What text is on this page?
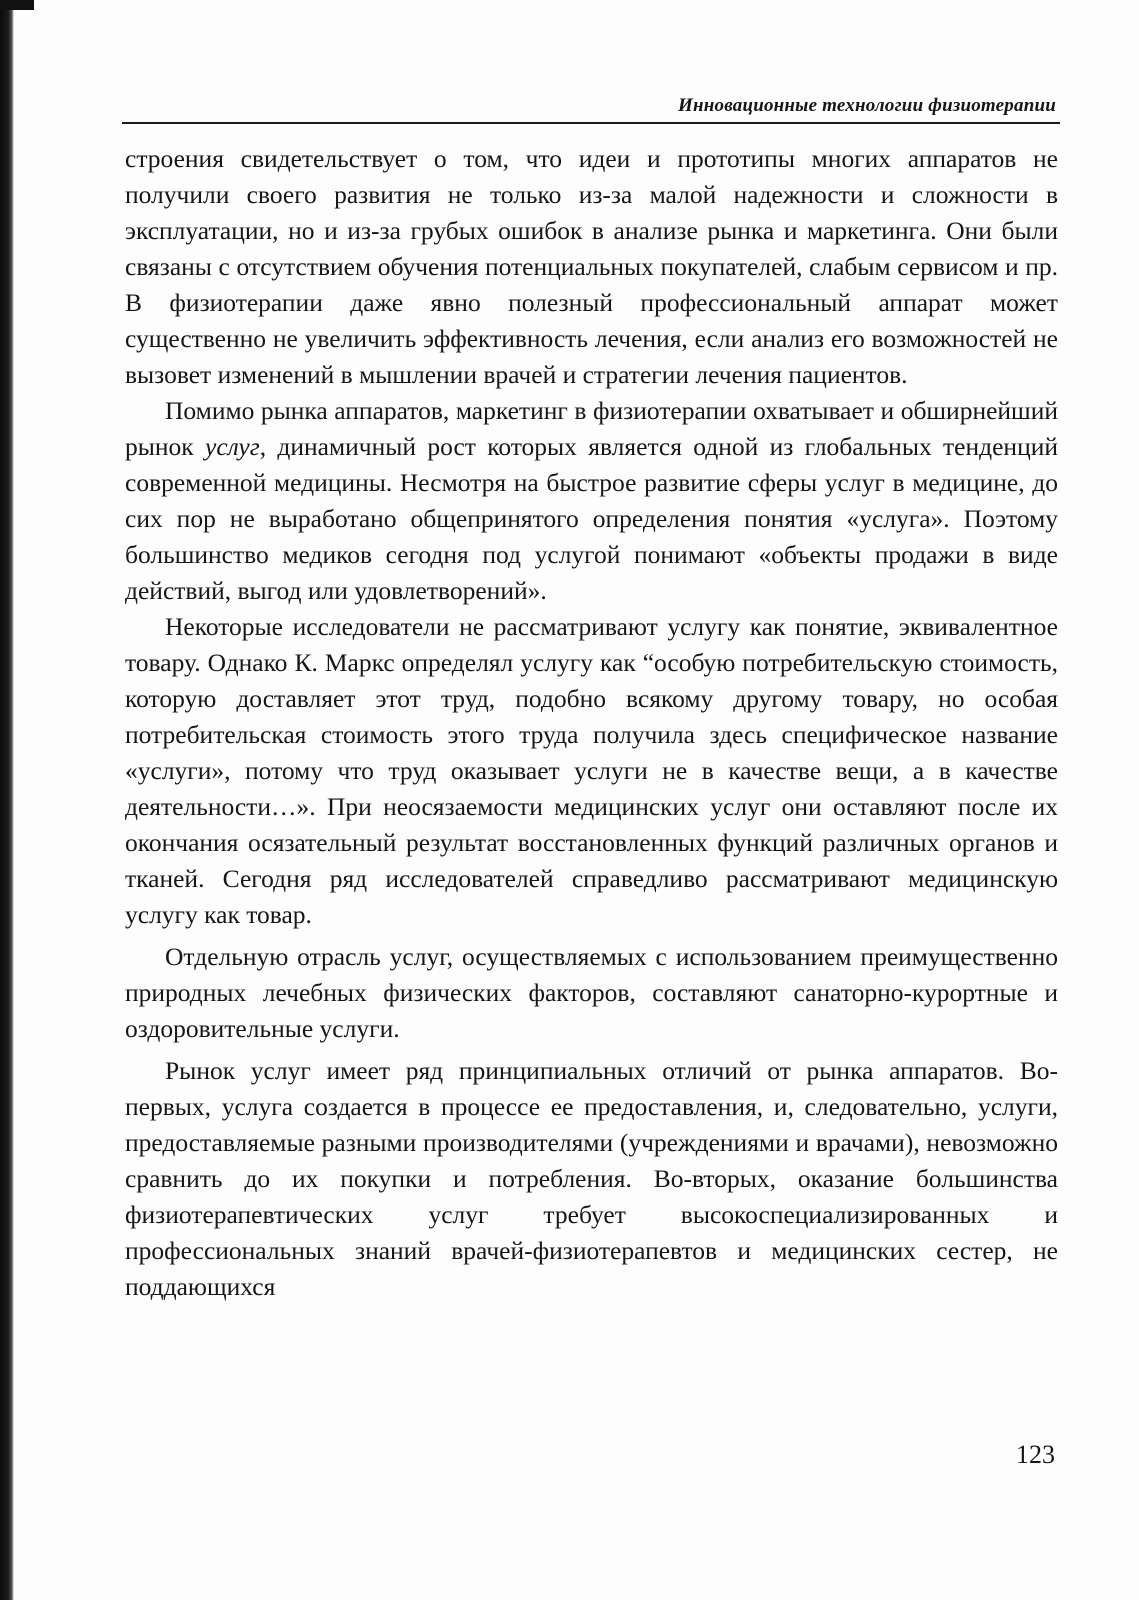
Инновационные технологии физиотерапии

строения свидетельствует о том, что идеи и прототипы многих аппаратов не получили своего развития не только из-за малой надежности и сложности в эксплуатации, но и из-за грубых ошибок в анализе рынка и маркетинга. Они были связаны с отсутствием обучения потенциальных покупателей, слабым сервисом и пр. В физиотерапии даже явно полезный профессиональный аппарат может существенно не увеличить эффективность лечения, если анализ его возможностей не вызовет изменений в мышлении врачей и стратегии лечения пациентов.

Помимо рынка аппаратов, маркетинг в физиотерапии охватывает и обширнейший рынок услуг, динамичный рост которых является одной из глобальных тенденций современной медицины. Несмотря на быстрое развитие сферы услуг в медицине, до сих пор не выработано общепринятого определения понятия «услуга». Поэтому большинство медиков сегодня под услугой понимают «объекты продажи в виде действий, выгод или удовлетворений».

Некоторые исследователи не рассматривают услугу как понятие, эквивалентное товару. Однако К. Маркс определял услугу как “особую потребительскую стоимость, которую доставляет этот труд, подобно всякому другому товару, но особая потребительская стоимость этого труда получила здесь специфическое название «услуги», потому что труд оказывает услуги не в качестве вещи, а в качестве деятельности…». При неосязаемости медицинских услуг они оставляют после их окончания осязательный результат восстановленных функций различных органов и тканей. Сегодня ряд исследователей справедливо рассматривают медицинскую услугу как товар.

Отдельную отрасль услуг, осуществляемых с использованием преимущественно природных лечебных физических факторов, составляют санаторно-курортные и оздоровительные услуги.

Рынок услуг имеет ряд принципиальных отличий от рынка аппаратов. Во-первых, услуга создается в процессе ее предоставления, и, следовательно, услуги, предоставляемые разными производителями (учреждениями и врачами), невозможно сравнить до их покупки и потребления. Во-вторых, оказание большинства физиотерапевтических услуг требует высокоспециализированных и профессиональных знаний врачей-физиотерапевтов и медицинских сестер, не поддающихся

123
